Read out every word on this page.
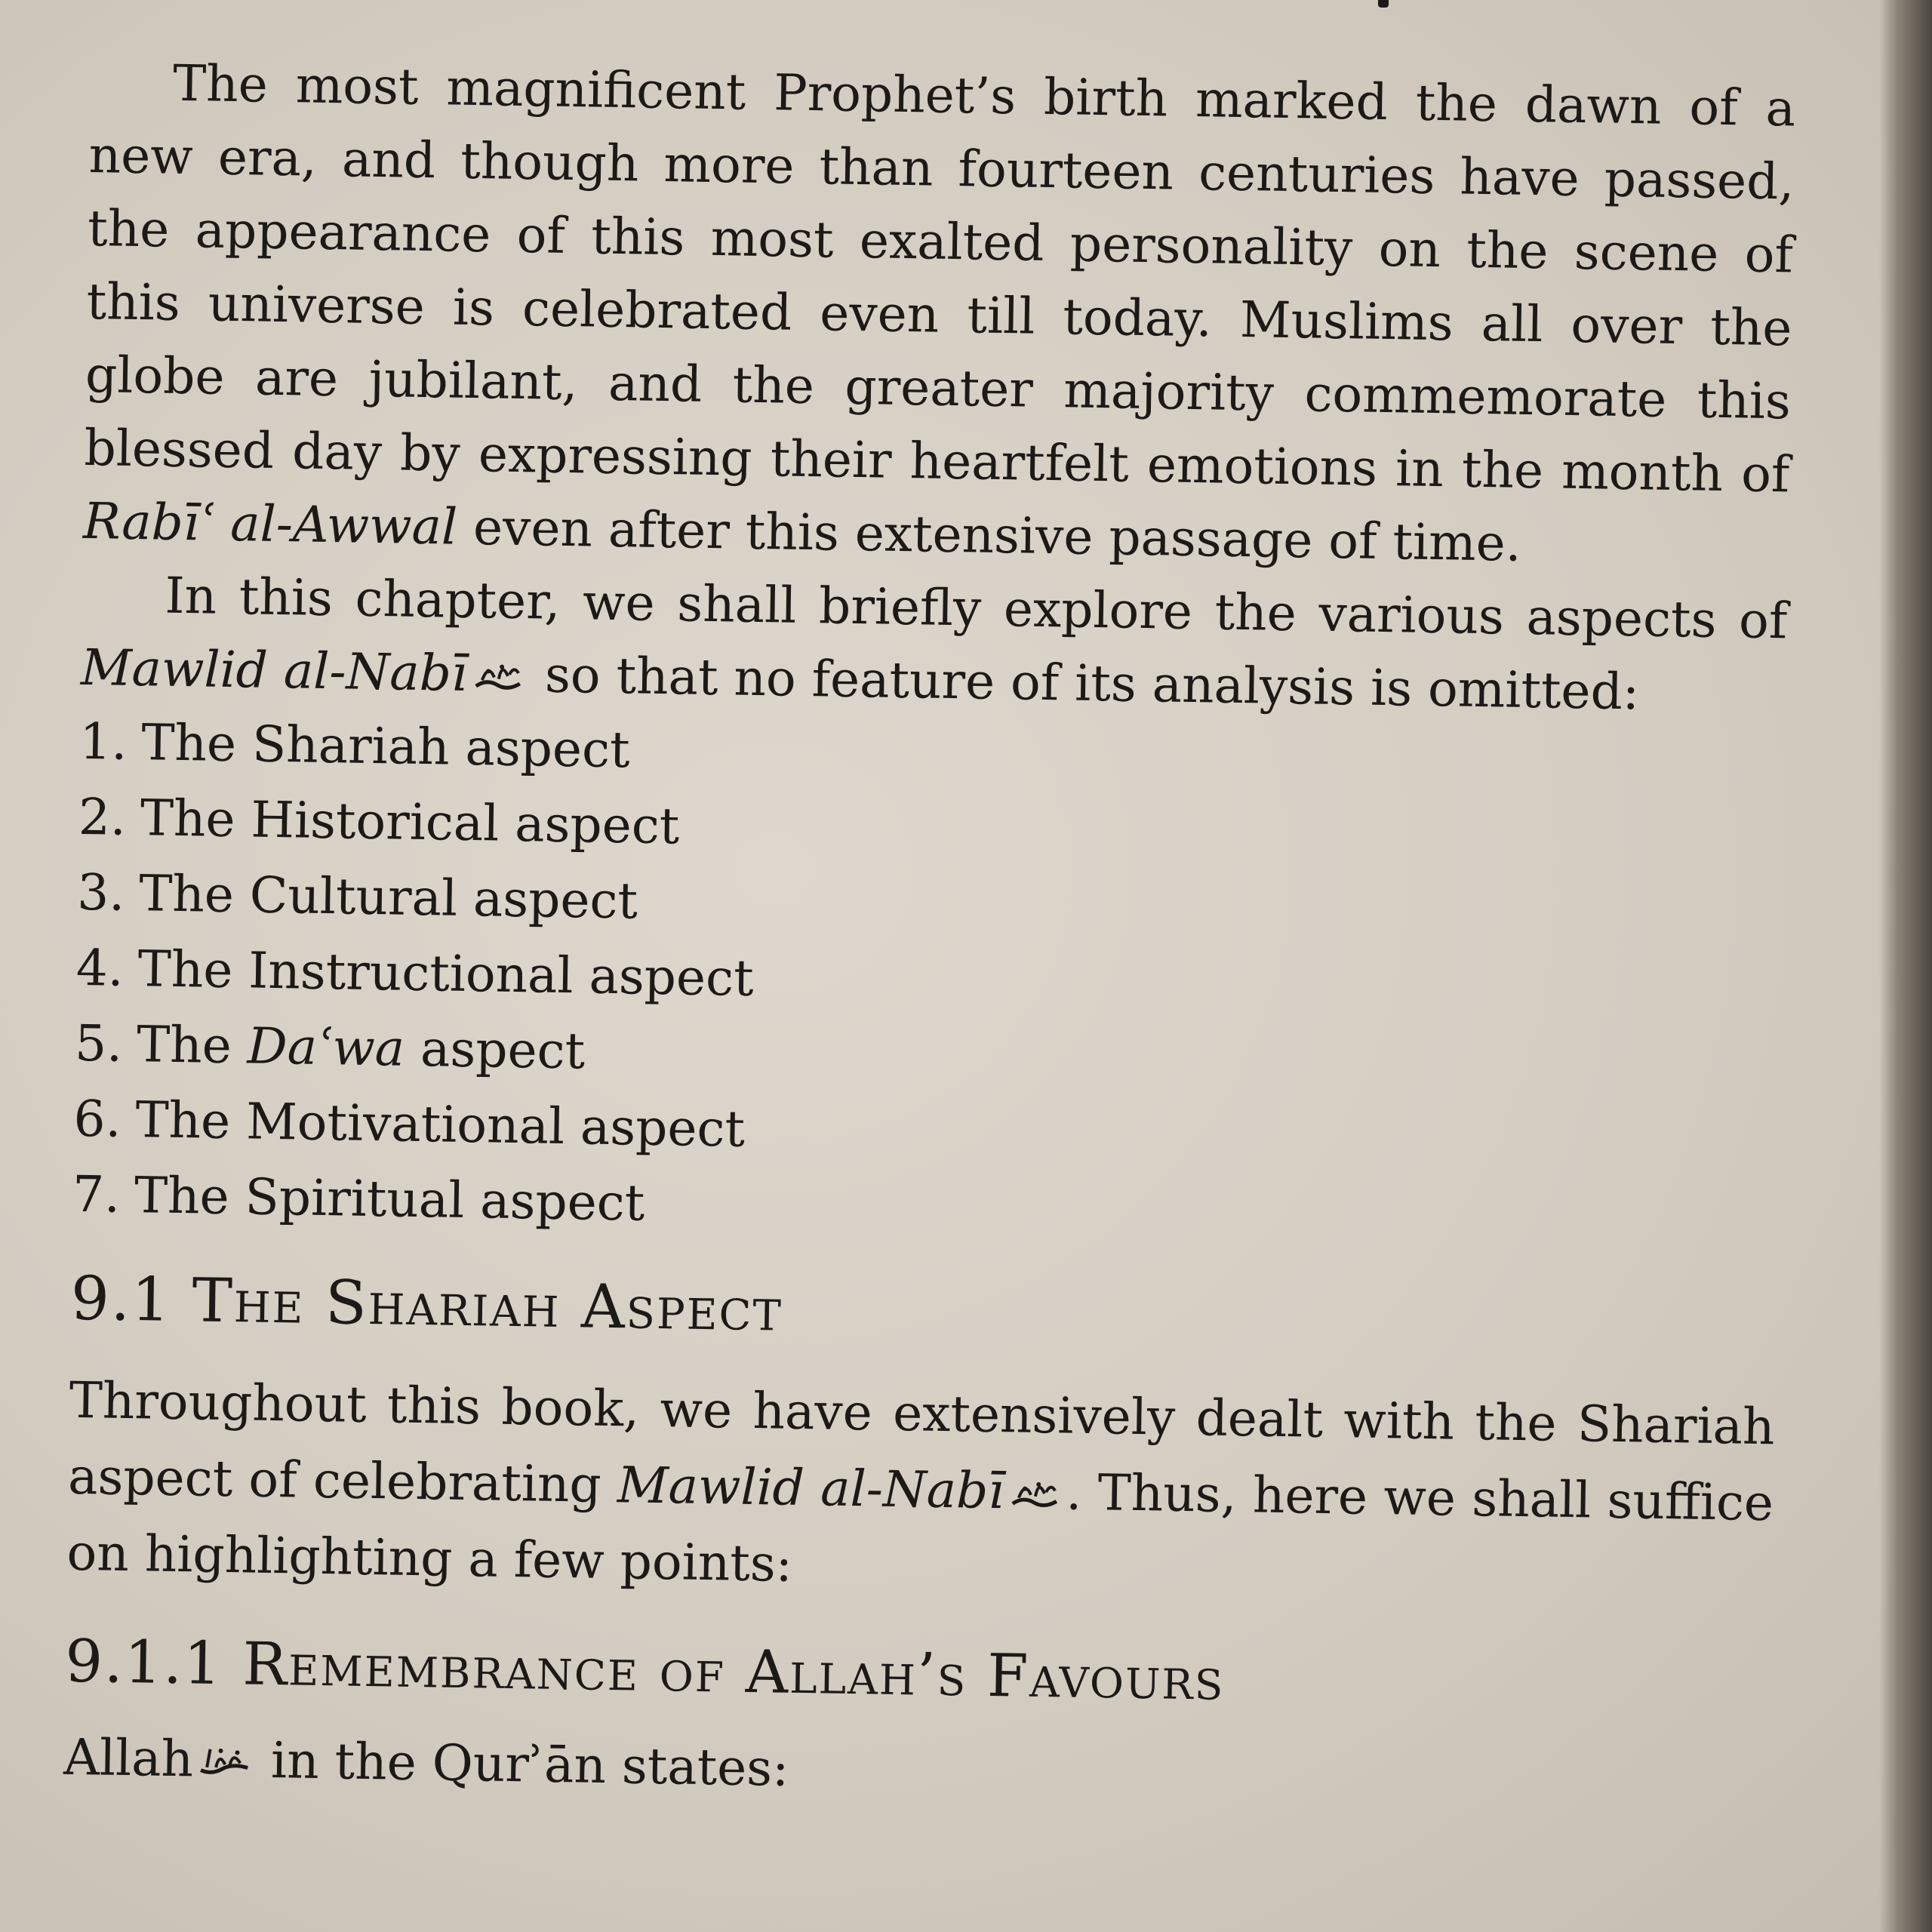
The most magnificent Prophet’s birth marked the dawn of a new era, and though more than fourteen centuries have passed, the appearance of this most exalted personality on the scene of this universe is celebrated even till today. Muslims all over the globe are jubilant, and the greater majority commemorate this blessed day by expressing their heartfelt emotions in the month of Rabīʿ al-Awwal even after this extensive passage of time.

In this chapter, we shall briefly explore the various aspects of Mawlid al-Nabī so that no feature of its analysis is omitted:

1. The Shariah aspect
2. The Historical aspect
3. The Cultural aspect
4. The Instructional aspect
5. The Daʿwa aspect
6. The Motivational aspect
7. The Spiritual aspect

9.1 The Shariah Aspect

Throughout this book, we have extensively dealt with the Shariah aspect of celebrating Mawlid al-Nabī . Thus, here we shall suffice on highlighting a few points:

9.1.1 Remembrance of Allah’s Favours

Allah in the Qurʾān states:
